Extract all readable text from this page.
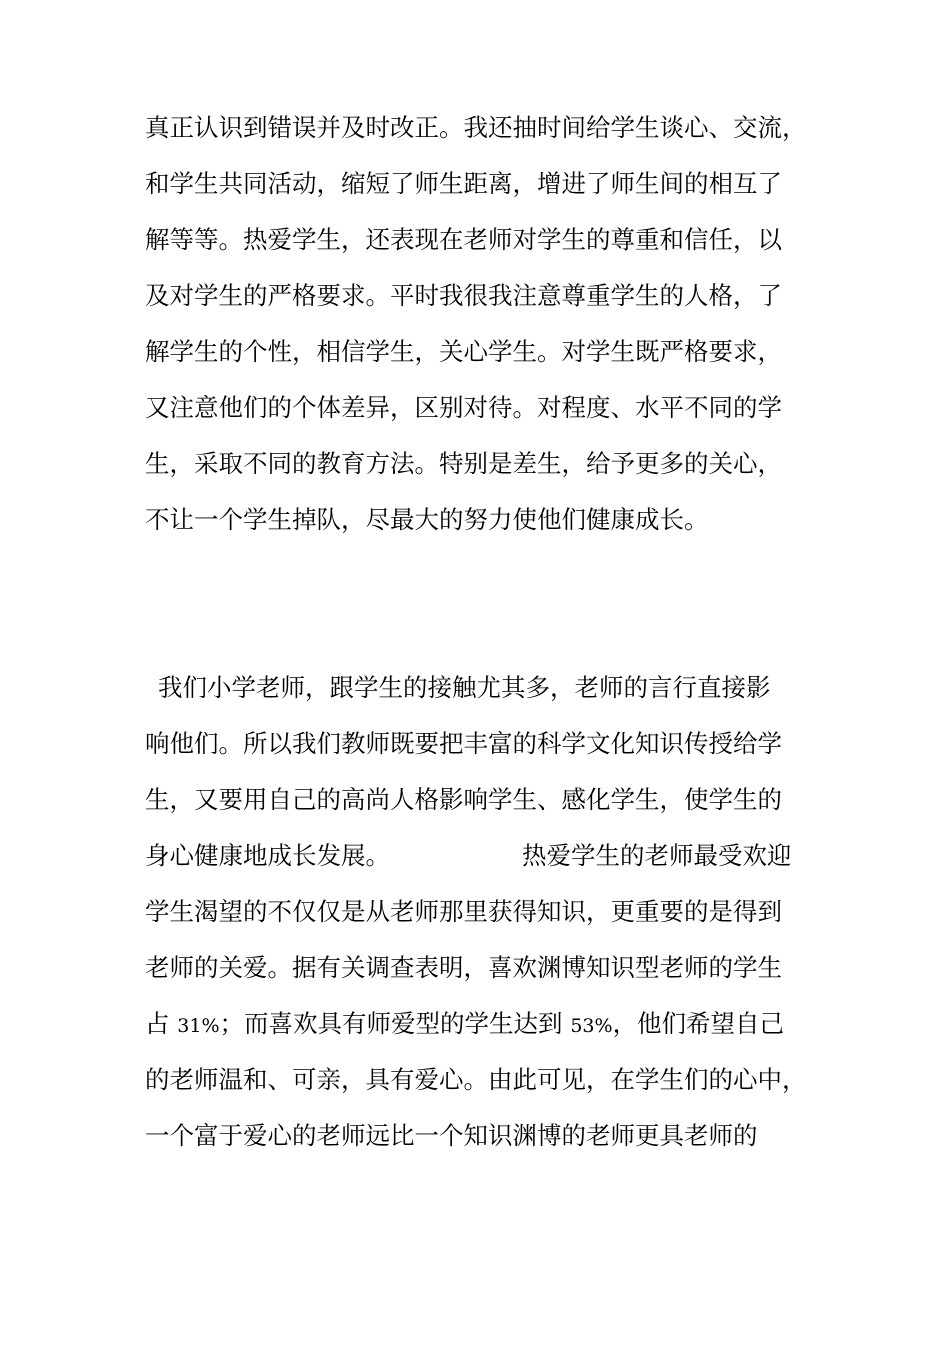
真正认识到错误并及时改正。我还抽时间给学生谈心、交流，
和学生共同活动，缩短了师生距离，增进了师生间的相互了
解等等。热爱学生，还表现在老师对学生的尊重和信任，以
及对学生的严格要求。平时我很我注意尊重学生的人格，了
解学生的个性，相信学生，关心学生。对学生既严格要求，
又注意他们的个体差异，区别对待。对程度、水平不同的学
生，采取不同的教育方法。特别是差生，给予更多的关心，
不让一个学生掉队，尽最大的努力使他们健康成长。
我们小学老师，跟学生的接触尤其多，老师的言行直接影
响他们。所以我们教师既要把丰富的科学文化知识传授给学
生，又要用自己的高尚人格影响学生、感化学生，使学生的
身心健康地成长发展。	热爱学生的老师最受欢迎
学生渴望的不仅仅是从老师那里获得知识，更重要的是得到
老师的关爱。据有关调查表明，喜欢渊博知识型老师的学生
占 31%；而喜欢具有师爱型的学生达到 53%，他们希望自己
的老师温和、可亲，具有爱心。由此可见，在学生们的心中，
一个富于爱心的老师远比一个知识渊博的老师更具老师的
